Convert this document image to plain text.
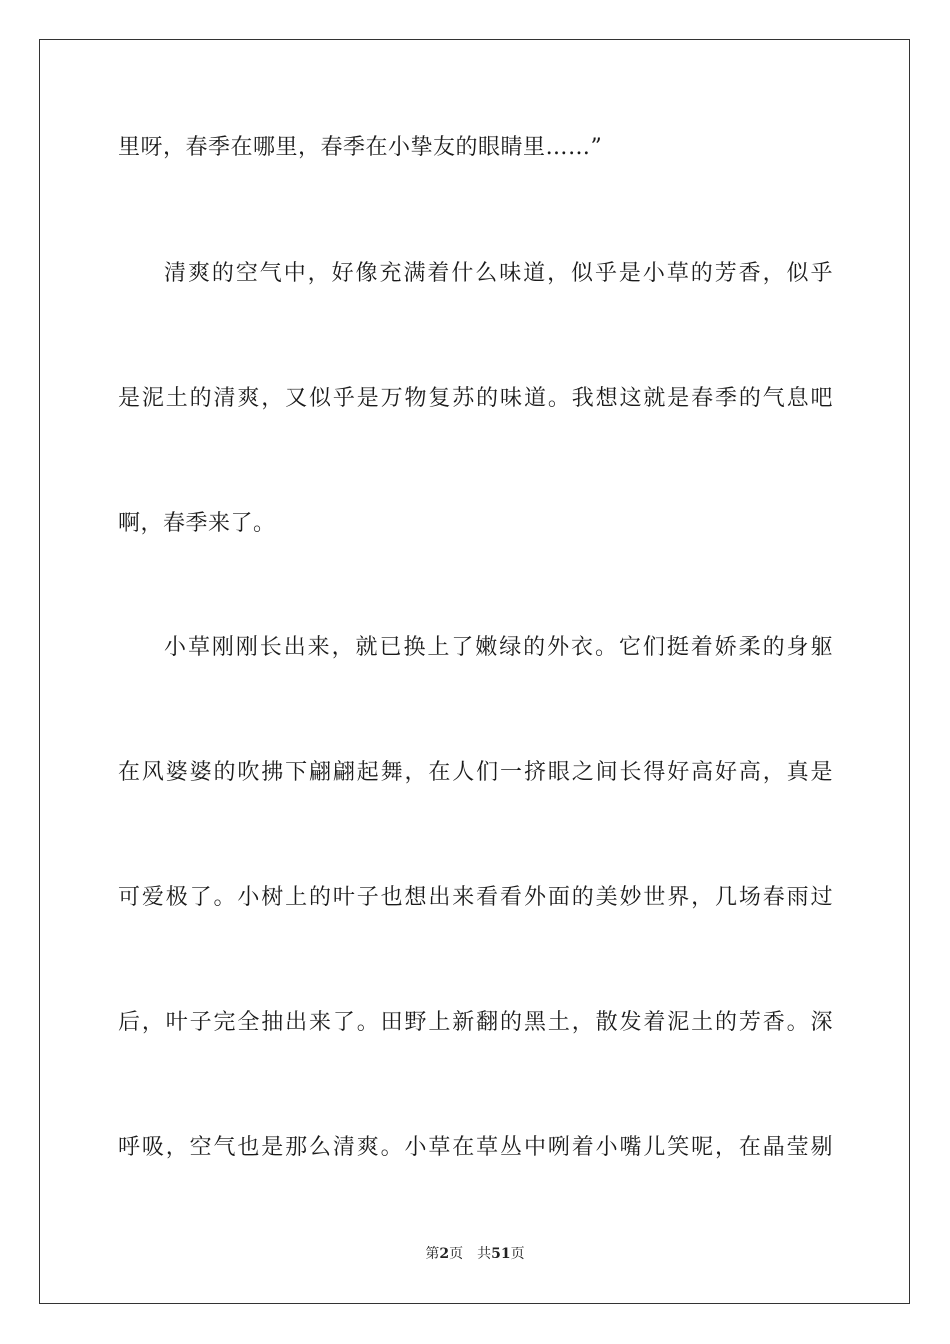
里呀，春季在哪里，春季在小挚友的眼睛里……”
清爽的空气中，好像充满着什么味道，似乎是小草的芳香，似乎
是泥土的清爽，又似乎是万物复苏的味道。我想这就是春季的气息吧
啊，春季来了。
小草刚刚长出来，就已换上了嫩绿的外衣。它们挺着娇柔的身躯
在风婆婆的吹拂下翩翩起舞，在人们一挤眼之间长得好高好高，真是
可爱极了。小树上的叶子也想出来看看外面的美妙世界，几场春雨过
后，叶子完全抽出来了。田野上新翻的黑土，散发着泥土的芳香。深
呼吸，空气也是那么清爽。小草在草丛中咧着小嘴儿笑呢，在晶莹剔
第2页 共51页
